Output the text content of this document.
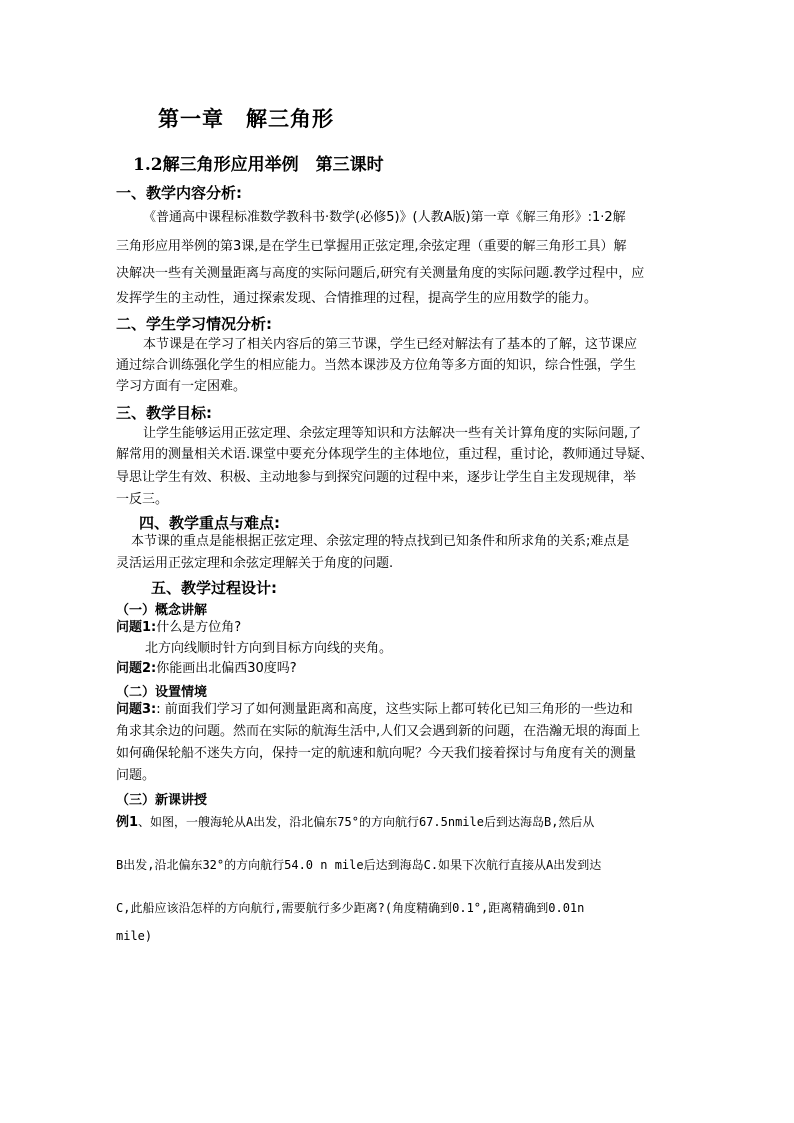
第一章　解三角形
1.2解三角形应用举例　第三课时
一、教学内容分析:
《普通高中课程标准数学教科书·数学(必修5)》(人教A版)第一章《解三角形》:1·2解
三角形应用举例的第3课,是在学生已掌握用正弦定理,余弦定理（重要的解三角形工具）解
决解决一些有关测量距离与高度的实际问题后,研究有关测量角度的实际问题.教学过程中，应
发挥学生的主动性，通过探索发现、合情推理的过程，提高学生的应用数学的能力。
二、学生学习情况分析:
本节课是在学习了相关内容后的第三节课，学生已经对解法有了基本的了解，这节课应
通过综合训练强化学生的相应能力。当然本课涉及方位角等多方面的知识，综合性强，学生
学习方面有一定困难。
三、教学目标:
让学生能够运用正弦定理、余弦定理等知识和方法解决一些有关计算角度的实际问题,了
解常用的测量相关术语.课堂中要充分体现学生的主体地位，重过程，重讨论，教师通过导疑、
导思让学生有效、积极、主动地参与到探究问题的过程中来，逐步让学生自主发现规律，举
一反三。
四、教学重点与难点:
本节课的重点是能根据正弦定理、余弦定理的特点找到已知条件和所求角的关系;难点是
灵活运用正弦定理和余弦定理解关于角度的问题.
五、教学过程设计:
（一）概念讲解
问题1:什么是方位角?
北方向线顺时针方向到目标方向线的夹角。
问题2:你能画出北偏西30度吗?
（二）设置情境
问题3:: 前面我们学习了如何测量距离和高度，这些实际上都可转化已知三角形的一些边和
角求其余边的问题。然而在实际的航海生活中,人们又会遇到新的问题，在浩瀚无垠的海面上
如何确保轮船不迷失方向，保持一定的航速和航向呢？今天我们接着探讨与角度有关的测量
问题。
（三）新课讲授
例1、如图，一艘海轮从A出发，沿北偏东75°的方向航行67.5nmile后到达海岛B,然后从
B出发,沿北偏东32°的方向航行54.0 n mile后达到海岛C.如果下次航行直接从A出发到达
C,此船应该沿怎样的方向航行,需要航行多少距离?(角度精确到0.1°,距离精确到0.01n
mile)
